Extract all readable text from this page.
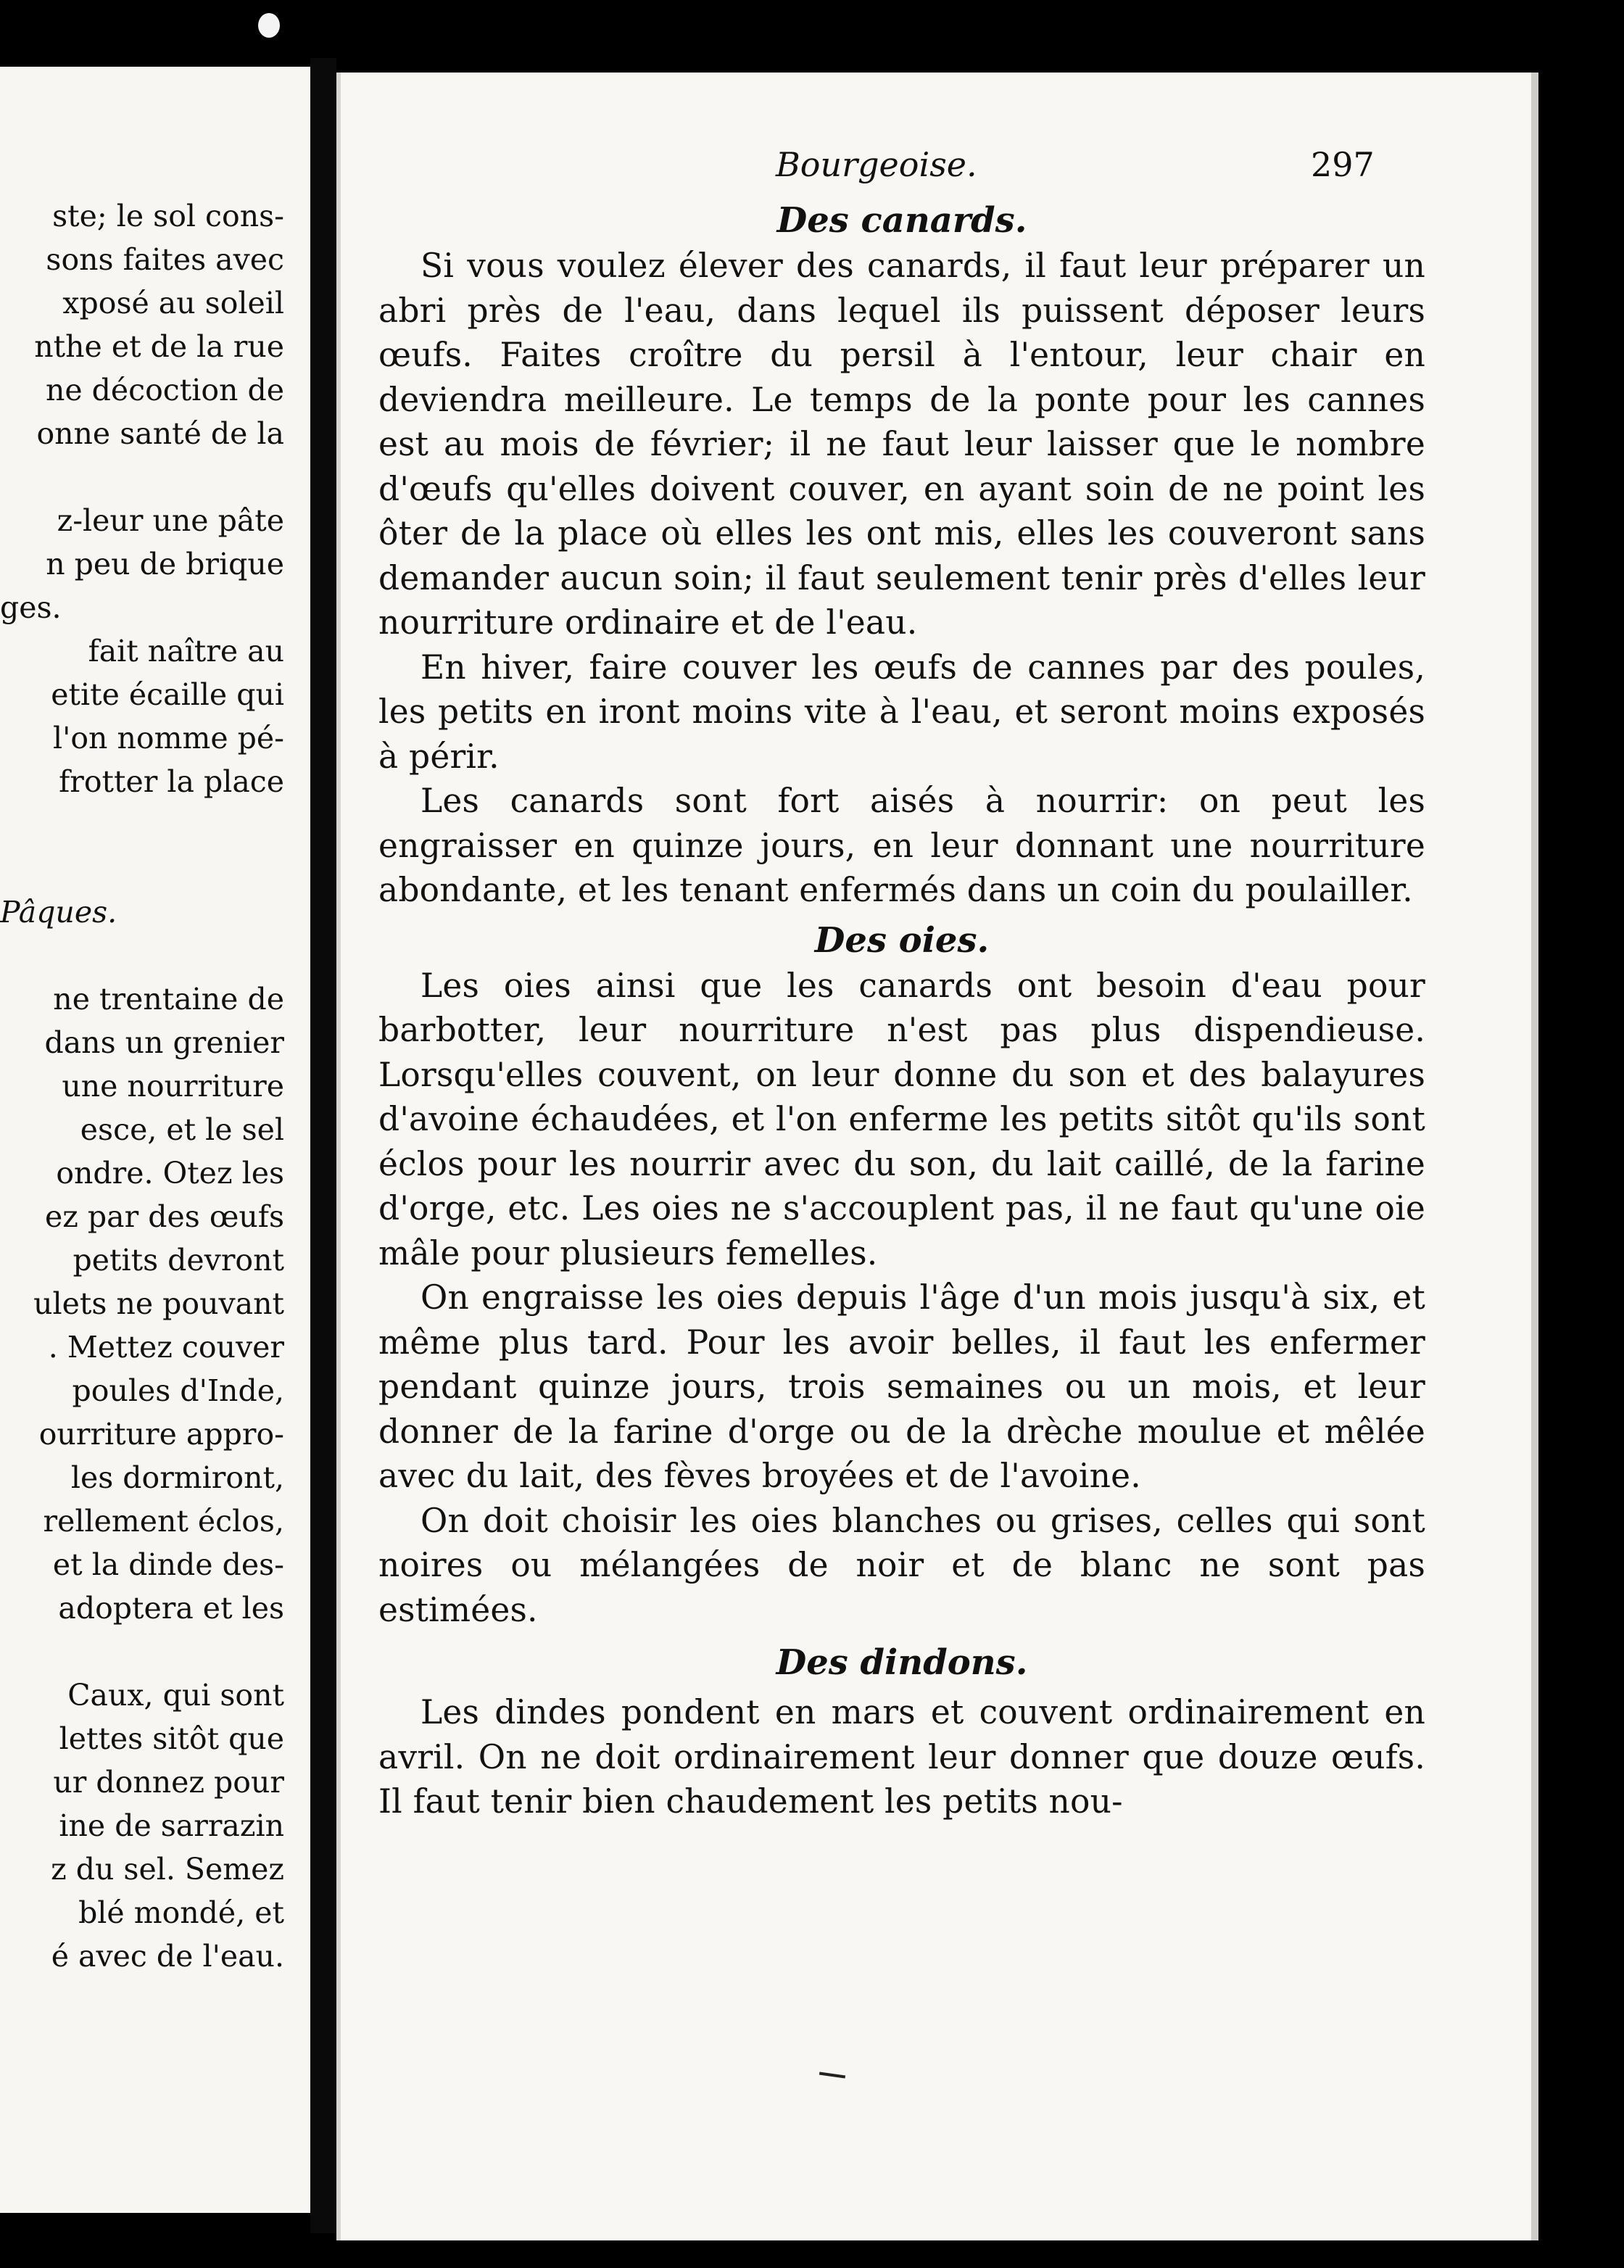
ste; le sol cons-
sons faites avec
xposé au soleil
nthe et de la rue
ne décoction de
onne santé de la
z-leur une pâte
n peu de brique
ges.
fait naître au
etite écaille qui
l'on nomme pé-
frotter la place
Pâques.
ne trentaine de
dans un grenier
une nourriture
esce, et le sel
ondre. Otez les
ez par des œufs
petits devront
ulets ne pouvant
. Mettez couver
poules d'Inde,
ourriture appro-
les dormiront,
rellement éclos,
et la dinde des-
adoptera et les
Caux, qui sont
lettes sitôt que
ur donnez pour
ine de sarrazin
z du sel. Semez
blé mondé, et
é avec de l'eau.
Bourgeoise.	297
Des canards.

Si vous voulez élever des canards, il faut leur préparer un abri près de l'eau, dans lequel ils puissent déposer leurs œufs. Faites croître du persil à l'entour, leur chair en deviendra meilleure. Le temps de la ponte pour les cannes est au mois de février; il ne faut leur laisser que le nombre d'œufs qu'elles doivent couver, en ayant soin de ne point les ôter de la place où elles les ont mis, elles les couveront sans demander aucun soin; il faut seulement tenir près d'elles leur nourriture ordinaire et de l'eau.

En hiver, faire couver les œufs de cannes par des poules, les petits en iront moins vite à l'eau, et seront moins exposés à périr.

Les canards sont fort aisés à nourrir: on peut les engraisser en quinze jours, en leur donnant une nourriture abondante, et les tenant enfermés dans un coin du poulailler.

Des oies.

Les oies ainsi que les canards ont besoin d'eau pour barbotter, leur nourriture n'est pas plus dispendieuse. Lorsqu'elles couvent, on leur donne du son et des balayures d'avoine échaudées, et l'on enferme les petits sitôt qu'ils sont éclos pour les nourrir avec du son, du lait caillé, de la farine d'orge, etc. Les oies ne s'accouplent pas, il ne faut qu'une oie mâle pour plusieurs femelles.

On engraisse les oies depuis l'âge d'un mois jusqu'à six, et même plus tard. Pour les avoir belles, il faut les enfermer pendant quinze jours, trois semaines ou un mois, et leur donner de la farine d'orge ou de la drèche moulue et mêlée avec du lait, des fèves broyées et de l'avoine.

On doit choisir les oies blanches ou grises, celles qui sont noires ou mélangées de noir et de blanc ne sont pas estimées.

Des dindons.

Les dindes pondent en mars et couvent ordinairement en avril. On ne doit ordinairement leur donner que douze œufs. Il faut tenir bien chaudement les petits nou-
